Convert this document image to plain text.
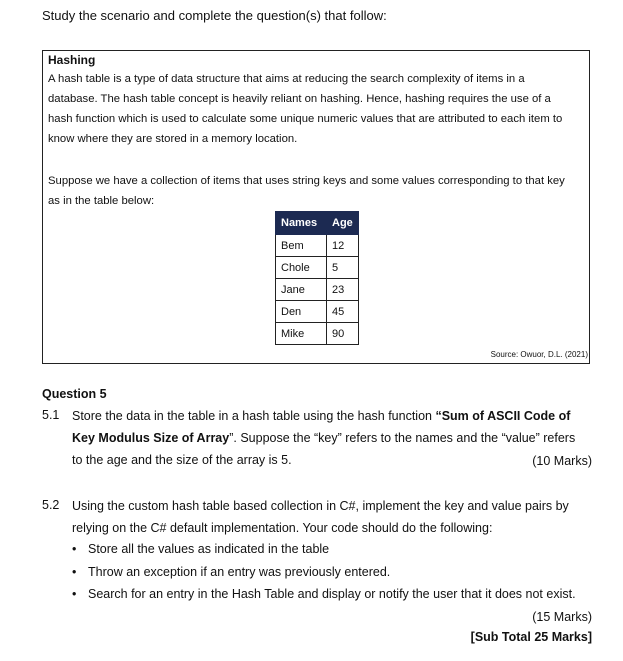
Study the scenario and complete the question(s) that follow:
Hashing
A hash table is a type of data structure that aims at reducing the search complexity of items in a
database. The hash table concept is heavily reliant on hashing. Hence, hashing requires the use of a
hash function which is used to calculate some unique numeric values that are attributed to each item to
know where they are stored in a memory location.
Suppose we have a collection of items that uses string keys and some values corresponding to that key
as in the table below:
Names	Age
Bem	12
Chole	5
Jane	23
Den	45
Mike	90
Source: Owuor, D.L. (2021)
Question 5
5.1 Store the data in the table in a hash table using the hash function “Sum of ASCII Code of
Key Modulus Size of Array”. Suppose the “key” refers to the names and the “value” refers
to the age and the size of the array is 5.	(10 Marks)
5.2 Using the custom hash table based collection in C#, implement the key and value pairs by
relying on the C# default implementation. Your code should do the following:
• Store all the values as indicated in the table
• Throw an exception if an entry was previously entered.
• Search for an entry in the Hash Table and display or notify the user that it does not exist.
(15 Marks)
[Sub Total 25 Marks]
